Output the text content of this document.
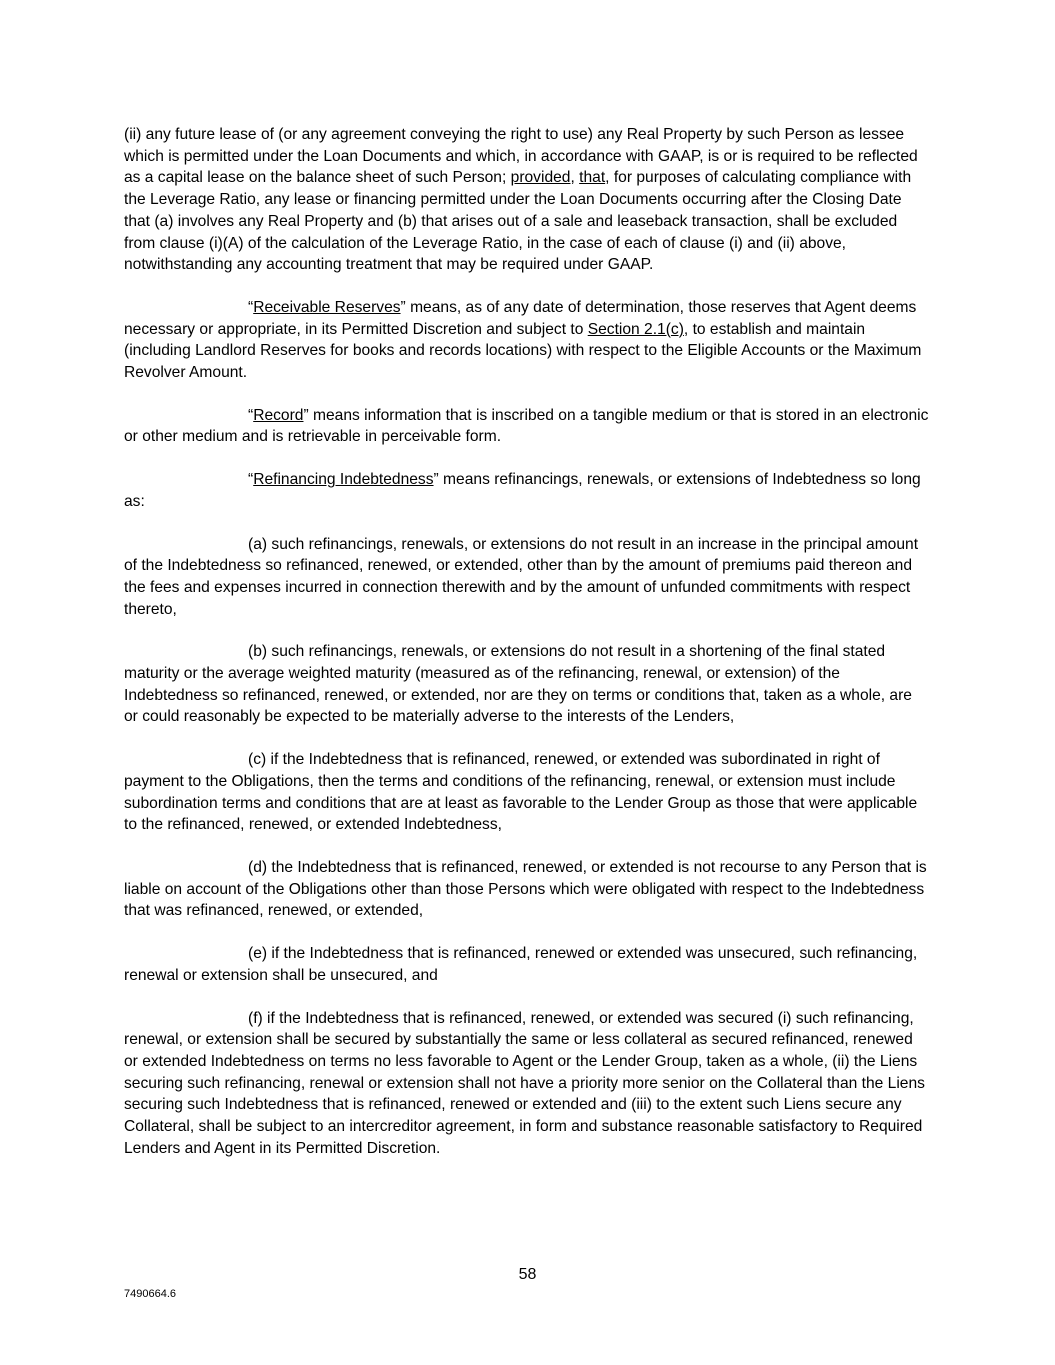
(ii) any future lease of (or any agreement conveying the right to use) any Real Property by such Person as lessee which is permitted under the Loan Documents and which, in accordance with GAAP, is or is required to be reflected as a capital lease on the balance sheet of such Person; provided, that, for purposes of calculating compliance with the Leverage Ratio, any lease or financing permitted under the Loan Documents occurring after the Closing Date that (a) involves any Real Property and (b) that arises out of a sale and leaseback transaction, shall be excluded from clause (i)(A) of the calculation of the Leverage Ratio, in the case of each of clause (i) and (ii) above, notwithstanding any accounting treatment that may be required under GAAP.

“Receivable Reserves” means, as of any date of determination, those reserves that Agent deems necessary or appropriate, in its Permitted Discretion and subject to Section 2.1(c), to establish and maintain (including Landlord Reserves for books and records locations) with respect to the Eligible Accounts or the Maximum Revolver Amount.

“Record” means information that is inscribed on a tangible medium or that is stored in an electronic or other medium and is retrievable in perceivable form.

“Refinancing Indebtedness” means refinancings, renewals, or extensions of Indebtedness so long as:

(a) such refinancings, renewals, or extensions do not result in an increase in the principal amount of the Indebtedness so refinanced, renewed, or extended, other than by the amount of premiums paid thereon and the fees and expenses incurred in connection therewith and by the amount of unfunded commitments with respect thereto,

(b) such refinancings, renewals, or extensions do not result in a shortening of the final stated maturity or the average weighted maturity (measured as of the refinancing, renewal, or extension) of the Indebtedness so refinanced, renewed, or extended, nor are they on terms or conditions that, taken as a whole, are or could reasonably be expected to be materially adverse to the interests of the Lenders,

(c) if the Indebtedness that is refinanced, renewed, or extended was subordinated in right of payment to the Obligations, then the terms and conditions of the refinancing, renewal, or extension must include subordination terms and conditions that are at least as favorable to the Lender Group as those that were applicable to the refinanced, renewed, or extended Indebtedness,

(d) the Indebtedness that is refinanced, renewed, or extended is not recourse to any Person that is liable on account of the Obligations other than those Persons which were obligated with respect to the Indebtedness that was refinanced, renewed, or extended,

(e) if the Indebtedness that is refinanced, renewed or extended was unsecured, such refinancing, renewal or extension shall be unsecured, and

(f) if the Indebtedness that is refinanced, renewed, or extended was secured (i) such refinancing, renewal, or extension shall be secured by substantially the same or less collateral as secured refinanced, renewed or extended Indebtedness on terms no less favorable to Agent or the Lender Group, taken as a whole, (ii) the Liens securing such refinancing, renewal or extension shall not have a priority more senior on the Collateral than the Liens securing such Indebtedness that is refinanced, renewed or extended and (iii) to the extent such Liens secure any Collateral, shall be subject to an intercreditor agreement, in form and substance reasonable satisfactory to Required Lenders and Agent in its Permitted Discretion.

58
7490664.6
